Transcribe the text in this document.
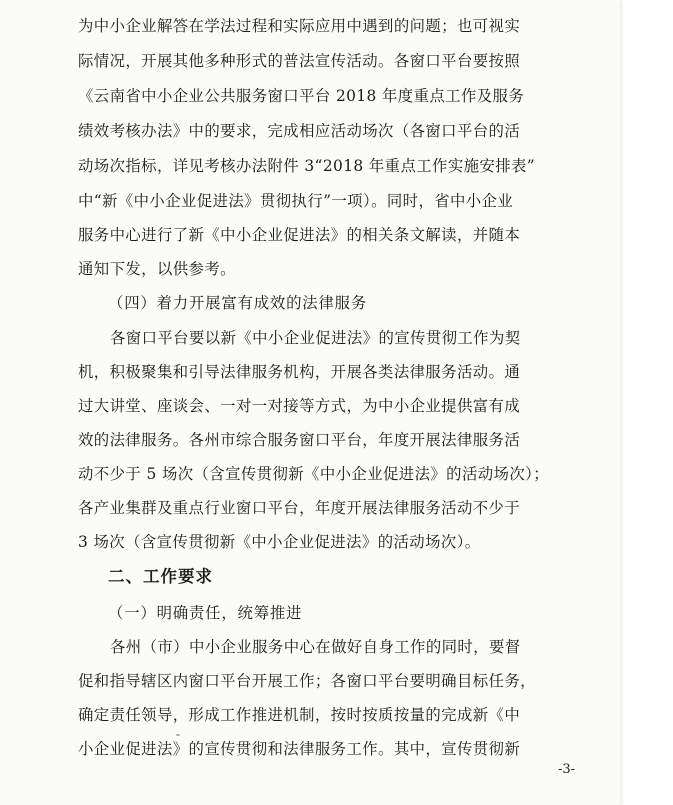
为中小企业解答在学法过程和实际应用中遇到的问题；也可视实
际情况，开展其他多种形式的普法宣传活动。各窗口平台要按照
《云南省中小企业公共服务窗口平台 2018 年度重点工作及服务
绩效考核办法》中的要求，完成相应活动场次（各窗口平台的活
动场次指标，详见考核办法附件 3“2018 年重点工作实施安排表”
中“新《中小企业促进法》贯彻执行”一项）。同时，省中小企业
服务中心进行了新《中小企业促进法》的相关条文解读，并随本
通知下发，以供参考。
（四）着力开展富有成效的法律服务
各窗口平台要以新《中小企业促进法》的宣传贯彻工作为契
机，积极聚集和引导法律服务机构，开展各类法律服务活动。通
过大讲堂、座谈会、一对一对接等方式，为中小企业提供富有成
效的法律服务。各州市综合服务窗口平台，年度开展法律服务活
动不少于 5 场次（含宣传贯彻新《中小企业促进法》的活动场次）；
各产业集群及重点行业窗口平台，年度开展法律服务活动不少于
3 场次（含宣传贯彻新《中小企业促进法》的活动场次）。
二、工作要求
（一）明确责任，统筹推进
各州（市）中小企业服务中心在做好自身工作的同时，要督
促和指导辖区内窗口平台开展工作；各窗口平台要明确目标任务，
确定责任领导，形成工作推进机制，按时按质按量的完成新《中
小企业促进法》的宣传贯彻和法律服务工作。其中，宣传贯彻新
-3-
